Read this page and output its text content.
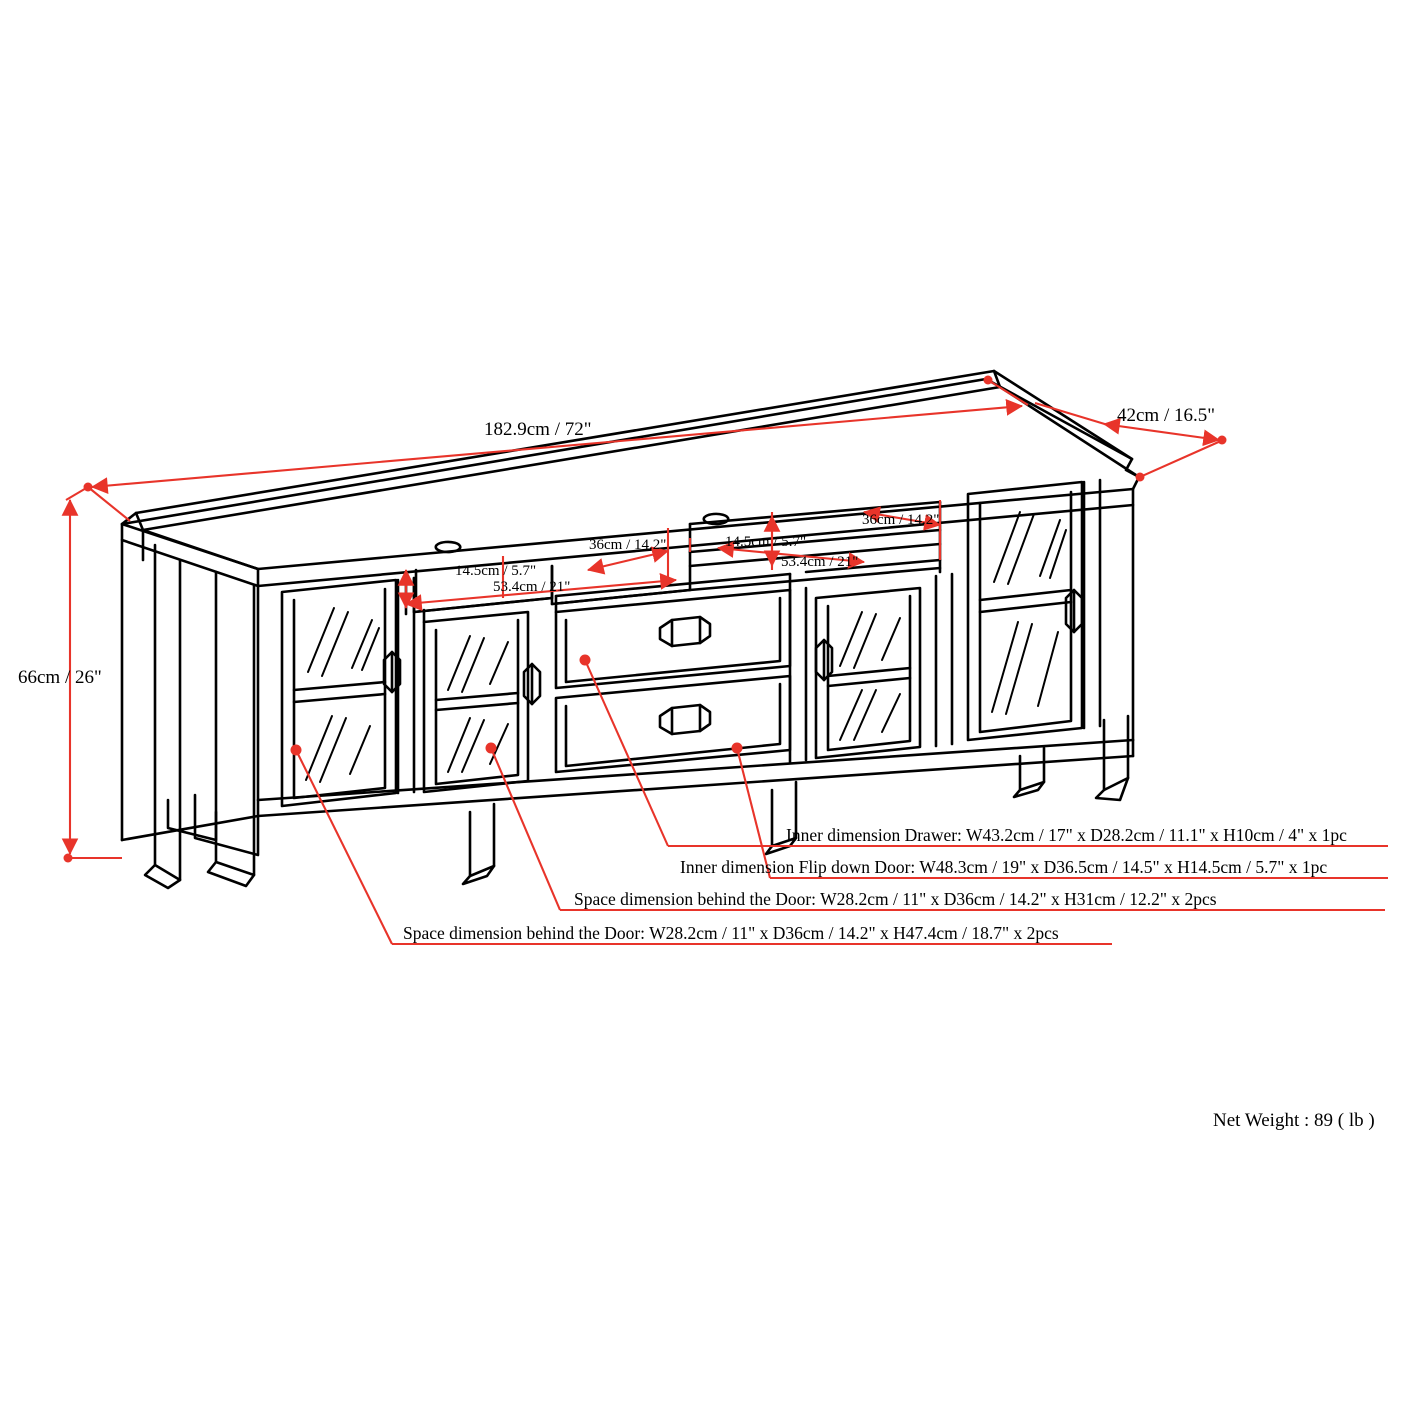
182.9cm / 72"
42cm / 16.5"
66cm / 26"
14.5cm / 5.7"
36cm / 14.2"
53.4cm / 21"
14.5cm / 5.7"
36cm / 14.2"
53.4cm / 21"
Inner dimension Drawer: W43.2cm / 17" x D28.2cm / 11.1" x H10cm / 4" x 1pc
Inner dimension Flip down Door: W48.3cm / 19" x D36.5cm / 14.5" x H14.5cm / 5.7" x 1pc
Space dimension behind the Door: W28.2cm / 11" x D36cm / 14.2" x H31cm / 12.2" x 2pcs
Space dimension behind the Door: W28.2cm / 11" x D36cm / 14.2" x H47.4cm / 18.7" x 2pcs
Net Weight : 89 ( lb )
